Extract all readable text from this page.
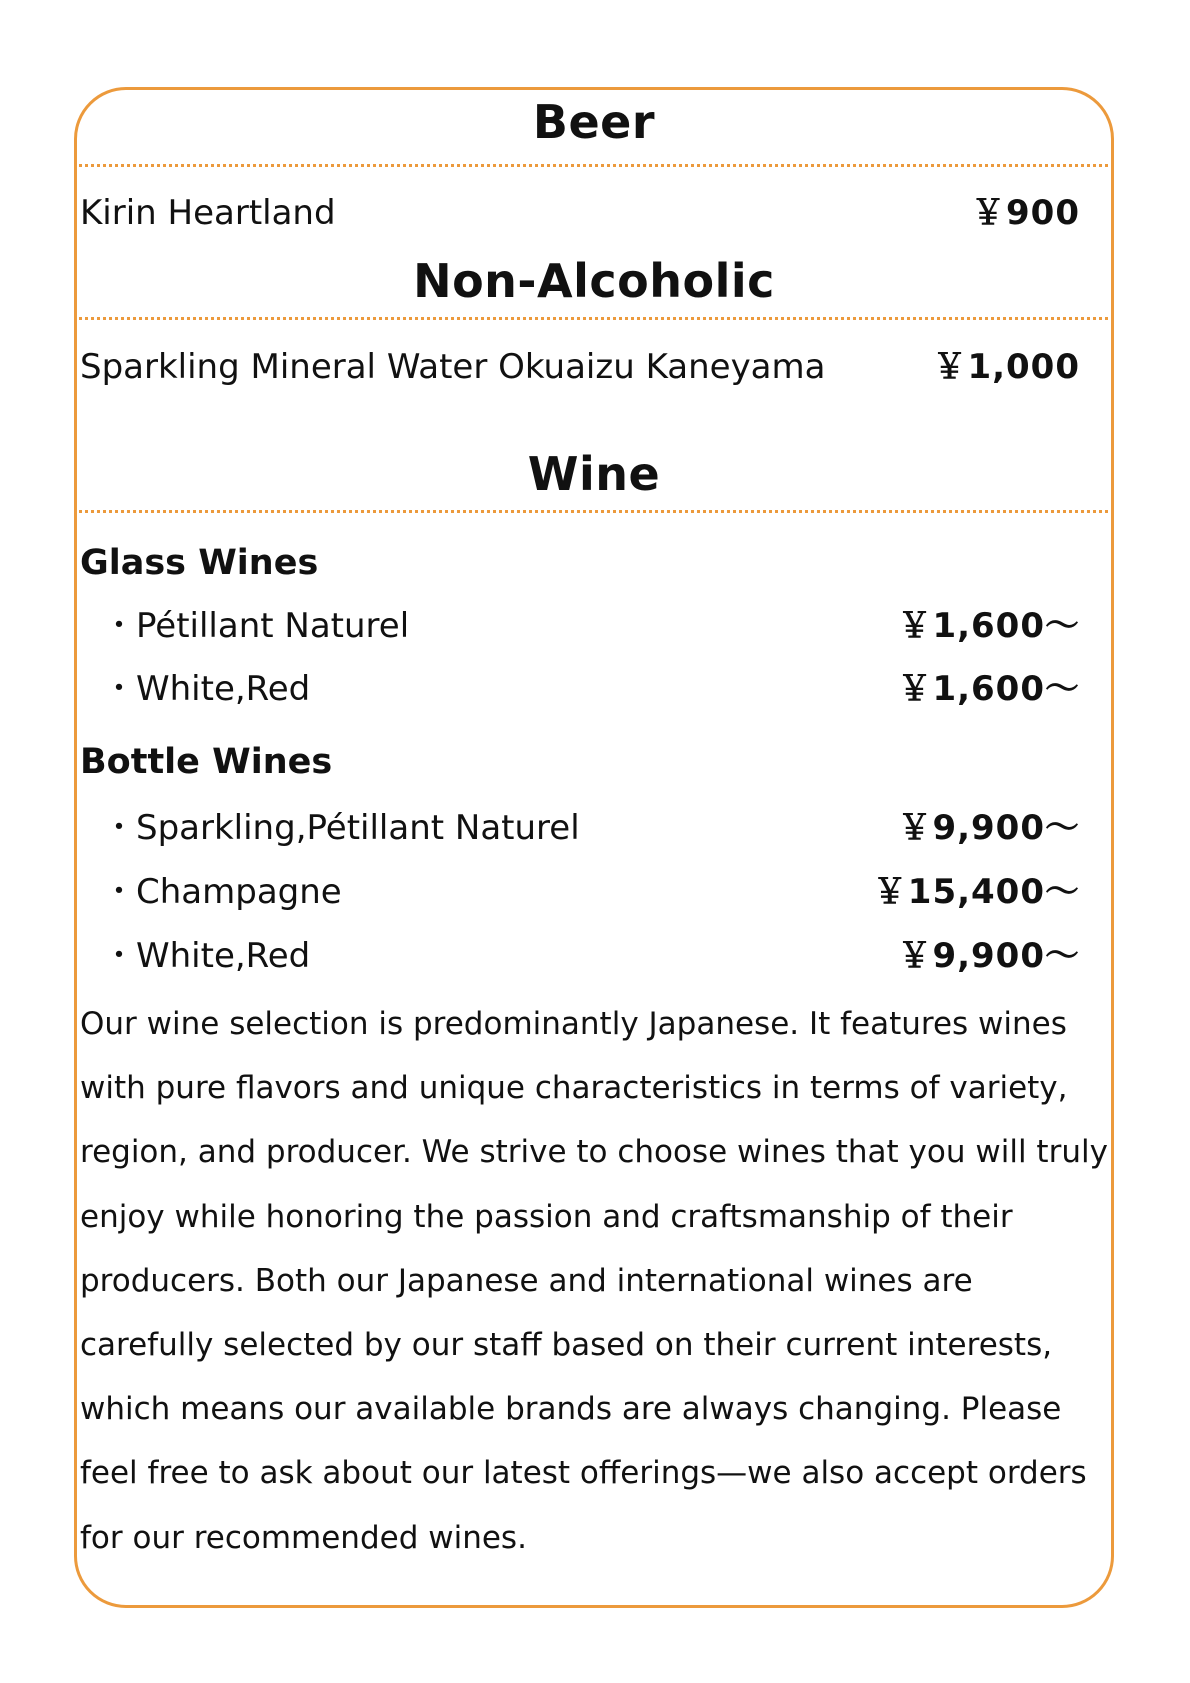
Beer
Kirin Heartland	￥900
Non-Alcoholic
Sparkling Mineral Water Okuaizu Kaneyama	￥1,000
Wine
Glass Wines
・Pétillant Naturel	￥1,600～
・White,Red	￥1,600～
Bottle Wines
・Sparkling,Pétillant Naturel	￥9,900～
・Champagne	￥15,400～
・White,Red	￥9,900～

Our wine selection is predominantly Japanese. It features wines with pure flavors and unique characteristics in terms of variety, region, and producer. We strive to choose wines that you will truly enjoy while honoring the passion and craftsmanship of their producers. Both our Japanese and international wines are carefully selected by our staff based on their current interests, which means our available brands are always changing. Please feel free to ask about our latest offerings—we also accept orders for our recommended wines.
